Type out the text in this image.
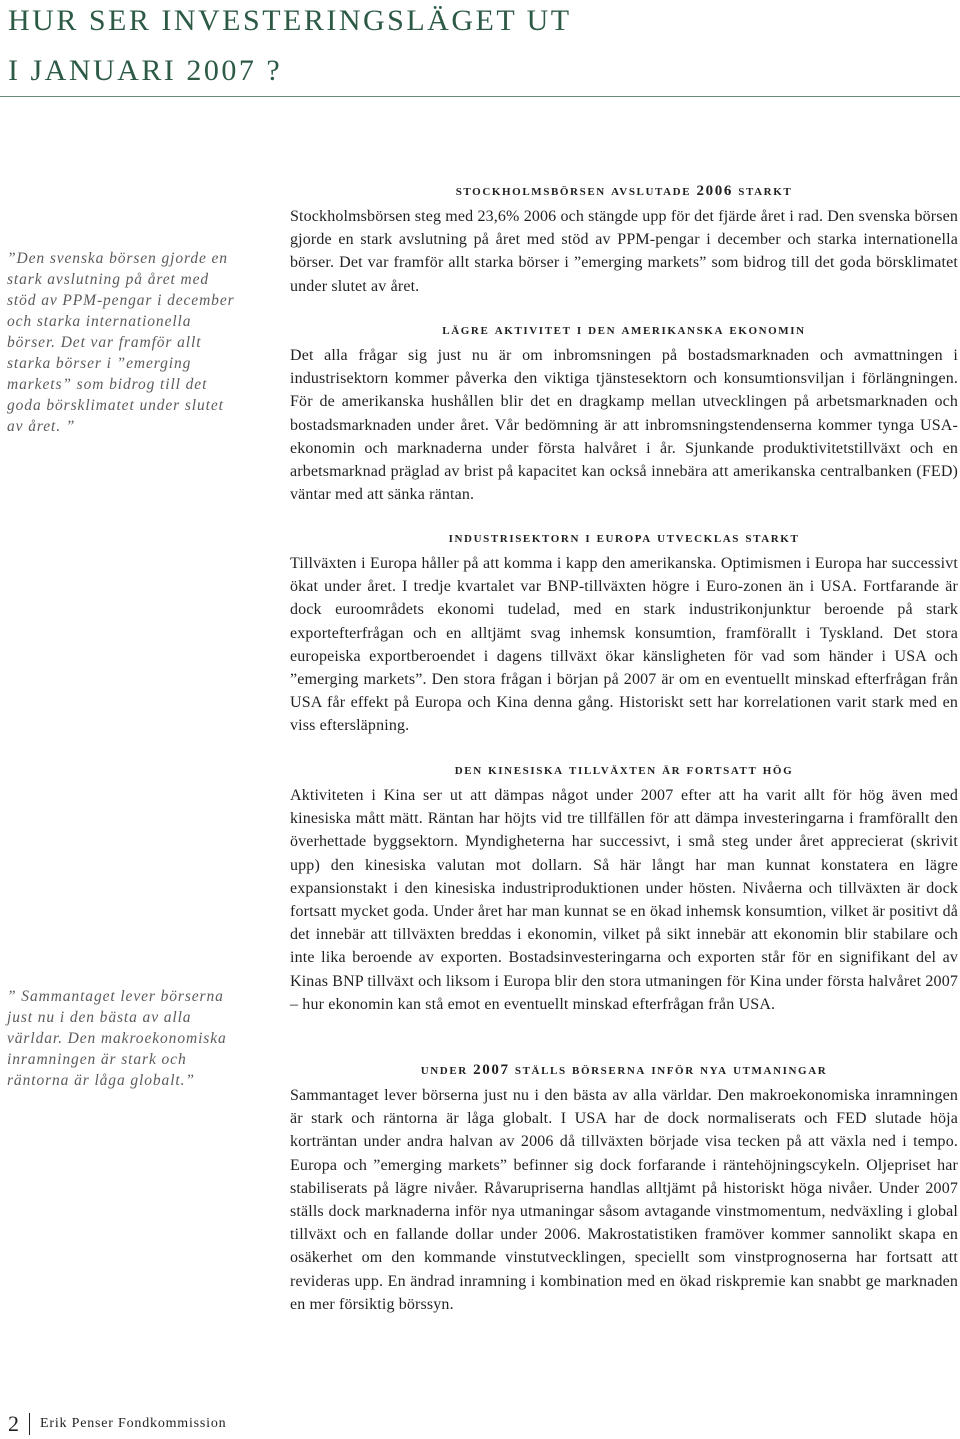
HUR SER INVESTERINGSLÄGET UT
I JANUARI 2007 ?
”Den svenska börsen gjorde en stark avslutning på året med stöd av PPM-pengar i december och starka internationella börser. Det var framför allt starka börser i ”emerging markets” som bidrog till det goda börsklimatet under slutet av året. ”
” Sammantaget lever börserna just nu i den bästa av alla världar. Den makroekonomiska inramningen är stark och räntorna är låga globalt.”
stockholmsbörsen avslutade 2006 starkt

Stockholmsbörsen steg med 23,6% 2006 och stängde upp för det fjärde året i rad. Den svenska börsen gjorde en stark avslutning på året med stöd av PPM-pengar i december och starka internationella börser. Det var framför allt starka börser i ”emerging markets” som bidrog till det goda börsklimatet under slutet av året.

lägre aktivitet i den amerikanska ekonomin

Det alla frågar sig just nu är om inbromsningen på bostadsmarknaden och avmattningen i industrisektorn kommer påverka den viktiga tjänstesektorn och konsumtionsviljan i förlängningen. För de amerikanska hushållen blir det en dragkamp mellan utvecklingen på arbetsmarknaden och bostadsmarknaden under året. Vår bedömning är att inbromsningstendenserna kommer tynga USA-ekonomin och marknaderna under första halvåret i år. Sjunkande produktivitetstillväxt och en arbetsmarknad präglad av brist på kapacitet kan också innebära att amerikanska centralbanken (FED) väntar med att sänka räntan.

industrisektorn i europa utvecklas starkt

Tillväxten i Europa håller på att komma i kapp den amerikanska. Optimismen i Europa har successivt ökat under året. I tredje kvartalet var BNP-tillväxten högre i Euro-zonen än i USA. Fortfarande är dock euroområdets ekonomi tudelad, med en stark industrikonjunktur beroende på stark exportefterfrågan och en alltjämt svag inhemsk konsumtion, framförallt i Tyskland. Det stora europeiska exportberoendet i dagens tillväxt ökar känsligheten för vad som händer i USA och ”emerging markets”. Den stora frågan i början på 2007 är om en eventuellt minskad efterfrågan från USA får effekt på Europa och Kina denna gång. Historiskt sett har korrelationen varit stark med en viss eftersläpning.

den kinesiska tillväxten är fortsatt hög

Aktiviteten i Kina ser ut att dämpas något under 2007 efter att ha varit allt för hög även med kinesiska mått mätt. Räntan har höjts vid tre tillfällen för att dämpa investeringarna i framförallt den överhettade byggsektorn. Myndigheterna har successivt, i små steg under året apprecierat (skrivit upp) den kinesiska valutan mot dollarn. Så här långt har man kunnat konstatera en lägre expansionstakt i den kinesiska industriproduktionen under hösten. Nivåerna och tillväxten är dock fortsatt mycket goda. Under året har man kunnat se en ökad inhemsk konsumtion, vilket är positivt då det innebär att tillväxten breddas i ekonomin, vilket på sikt innebär att ekonomin blir stabilare och inte lika beroende av exporten. Bostadsinvesteringarna och exporten står för en signifikant del av Kinas BNP tillväxt och liksom i Europa blir den stora utmaningen för Kina under första halvåret 2007 – hur ekonomin kan stå emot en eventuellt minskad efterfrågan från USA.

under 2007 ställs börserna inför nya utmaningar

Sammantaget lever börserna just nu i den bästa av alla världar. Den makroekonomiska inramningen är stark och räntorna är låga globalt. I USA har de dock normaliserats och FED slutade höja korträntan under andra halvan av 2006 då tillväxten började visa tecken på att växla ned i tempo. Europa och ”emerging markets” befinner sig dock forfarande i räntehöjningscykeln. Oljepriset har stabiliserats på lägre nivåer. Råvarupriserna handlas alltjämt på historiskt höga nivåer. Under 2007 ställs dock marknaderna inför nya utmaningar såsom avtagande vinstmomentum, nedväxling i global tillväxt och en fallande dollar under 2006. Makrostatistiken framöver kommer sannolikt skapa en osäkerhet om den kommande vinstutvecklingen, speciellt som vinstprognoserna har fortsatt att revideras upp. En ändrad inramning i kombination med en ökad riskpremie kan snabbt ge marknaden en mer försiktig börssyn.

2 Erik Penser Fondkommission
